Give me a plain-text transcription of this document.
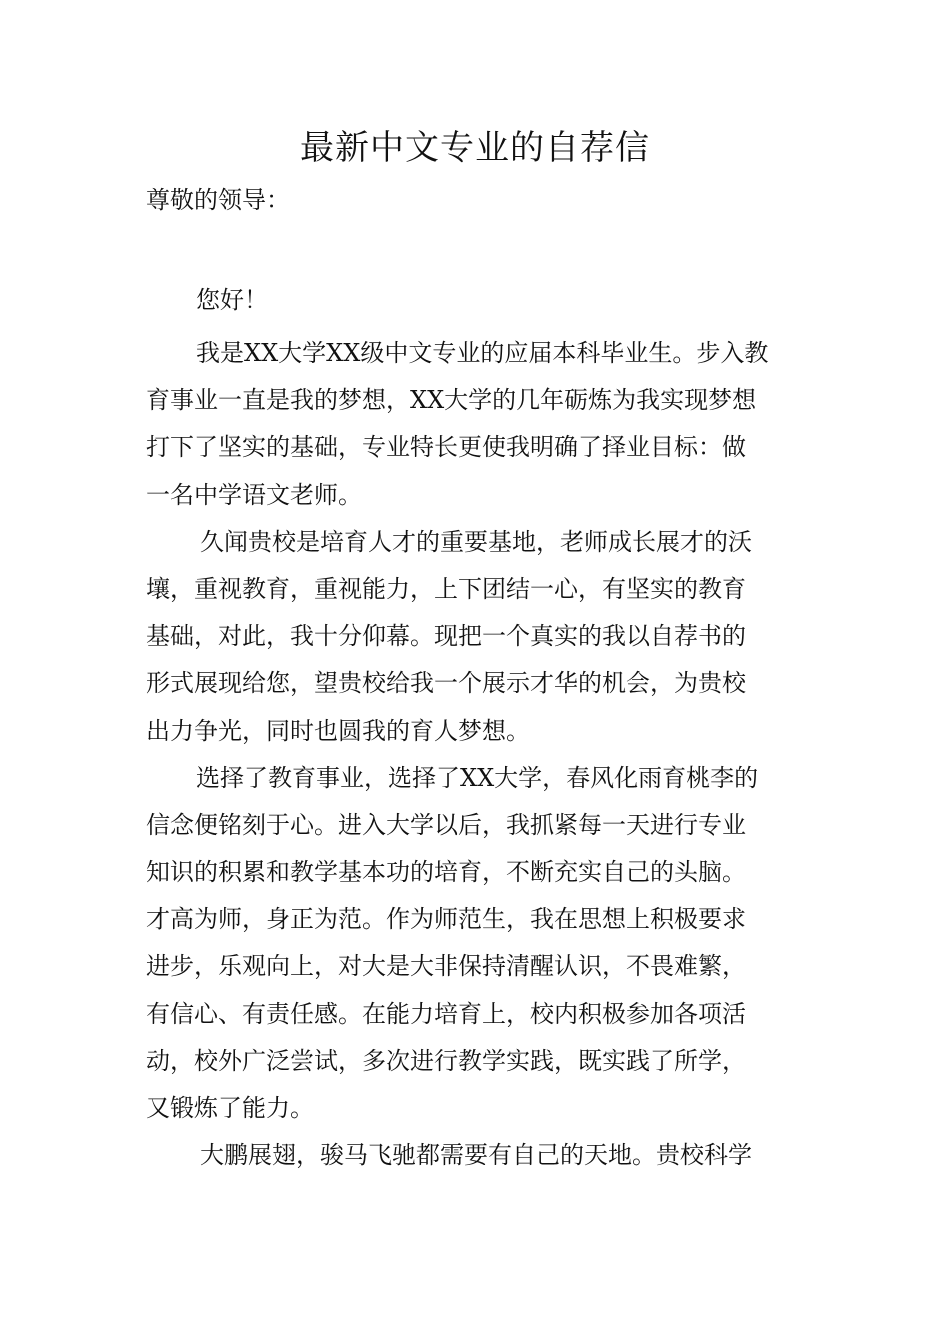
最新中文专业的自荐信
尊敬的领导：
您好！
我是XX大学XX级中文专业的应届本科毕业生。步入教
育事业一直是我的梦想，XX大学的几年砺炼为我实现梦想
打下了坚实的基础，专业特长更使我明确了择业目标：做
一名中学语文老师。
久闻贵校是培育人才的重要基地，老师成长展才的沃
壤，重视教育，重视能力，上下团结一心，有坚实的教育
基础，对此，我十分仰幕。现把一个真实的我以自荐书的
形式展现给您，望贵校给我一个展示才华的机会，为贵校
出力争光，同时也圆我的育人梦想。
选择了教育事业，选择了XX大学，春风化雨育桃李的
信念便铭刻于心。进入大学以后，我抓紧每一天进行专业
知识的积累和教学基本功的培育，不断充实自己的头脑。
才高为师，身正为范。作为师范生，我在思想上积极要求
进步，乐观向上，对大是大非保持清醒认识，不畏难繁，
有信心、有责任感。在能力培育上，校内积极参加各项活
动，校外广泛尝试，多次进行教学实践，既实践了所学，
又锻炼了能力。
大鹏展翅，骏马飞驰都需要有自己的天地。贵校科学
